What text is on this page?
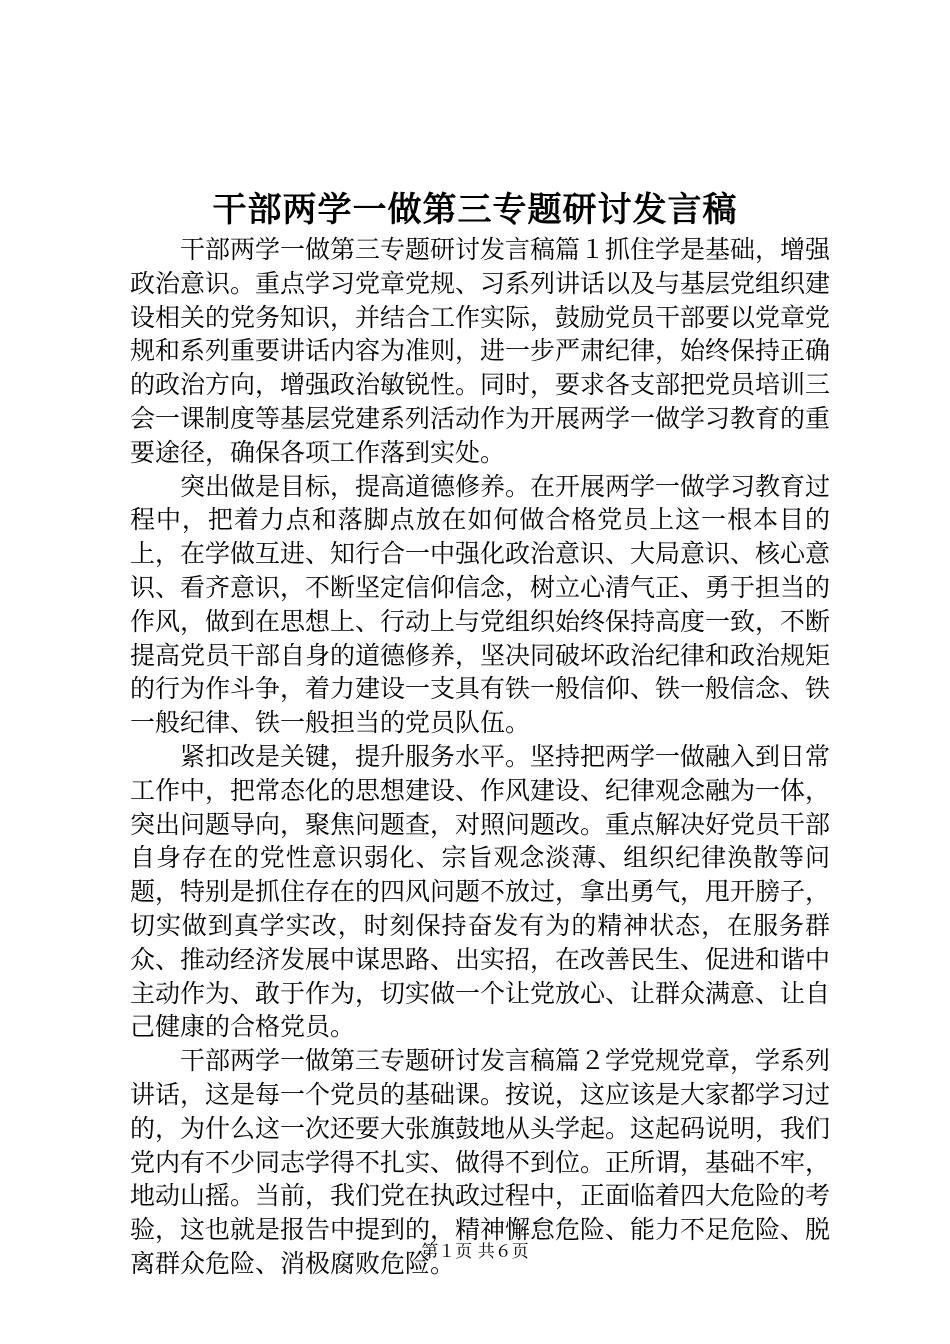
干部两学一做第三专题研讨发言稿

干部两学一做第三专题研讨发言稿篇１抓住学是基础，增强政治意识。重点学习党章党规、习系列讲话以及与基层党组织建设相关的党务知识，并结合工作实际，鼓励党员干部要以党章党规和系列重要讲话内容为准则，进一步严肃纪律，始终保持正确的政治方向，增强政治敏锐性。同时，要求各支部把党员培训三会一课制度等基层党建系列活动作为开展两学一做学习教育的重要途径，确保各项工作落到实处。

突出做是目标，提高道德修养。在开展两学一做学习教育过程中，把着力点和落脚点放在如何做合格党员上这一根本目的上，在学做互进、知行合一中强化政治意识、大局意识、核心意识、看齐意识，不断坚定信仰信念，树立心清气正、勇于担当的作风，做到在思想上、行动上与党组织始终保持高度一致，不断提高党员干部自身的道德修养，坚决同破坏政治纪律和政治规矩的行为作斗争，着力建设一支具有铁一般信仰、铁一般信念、铁一般纪律、铁一般担当的党员队伍。

紧扣改是关键，提升服务水平。坚持把两学一做融入到日常工作中，把常态化的思想建设、作风建设、纪律观念融为一体，突出问题导向，聚焦问题查，对照问题改。重点解决好党员干部自身存在的党性意识弱化、宗旨观念淡薄、组织纪律涣散等问题，特别是抓住存在的四风问题不放过，拿出勇气，甩开膀子，切实做到真学实改，时刻保持奋发有为的精神状态，在服务群众、推动经济发展中谋思路、出实招，在改善民生、促进和谐中主动作为、敢于作为，切实做一个让党放心、让群众满意、让自己健康的合格党员。

干部两学一做第三专题研讨发言稿篇２学党规党章，学系列讲话，这是每一个党员的基础课。按说，这应该是大家都学习过的，为什么这一次还要大张旗鼓地从头学起。这起码说明，我们党内有不少同志学得不扎实、做得不到位。正所谓，基础不牢，地动山摇。当前，我们党在执政过程中，正面临着四大危险的考验，这也就是报告中提到的，精神懈怠危险、能力不足危险、脱离群众危险、消极腐败危险。

第１页 共６页
